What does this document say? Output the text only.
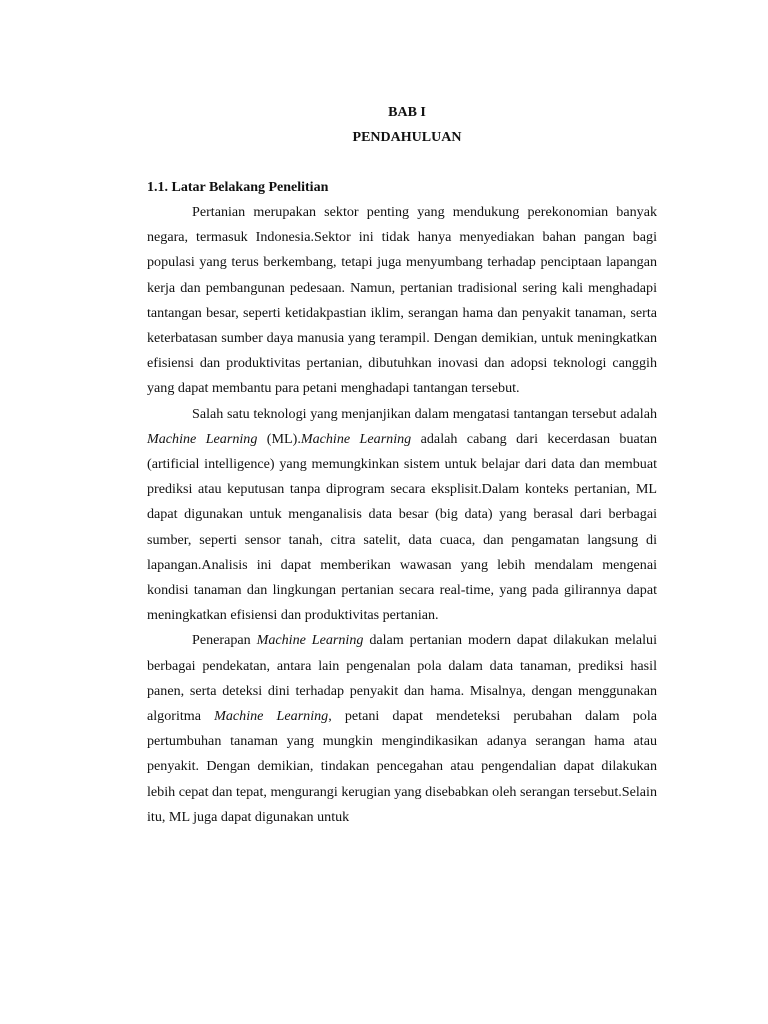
BAB I
PENDAHULUAN
1.1. Latar Belakang Penelitian

Pertanian merupakan sektor penting yang mendukung perekonomian banyak negara, termasuk Indonesia.Sektor ini tidak hanya menyediakan bahan pangan bagi populasi yang terus berkembang, tetapi juga menyumbang terhadap penciptaan lapangan kerja dan pembangunan pedesaan. Namun, pertanian tradisional sering kali menghadapi tantangan besar, seperti ketidakpastian iklim, serangan hama dan penyakit tanaman, serta keterbatasan sumber daya manusia yang terampil. Dengan demikian, untuk meningkatkan efisiensi dan produktivitas pertanian, dibutuhkan inovasi dan adopsi teknologi canggih yang dapat membantu para petani menghadapi tantangan tersebut.

Salah satu teknologi yang menjanjikan dalam mengatasi tantangan tersebut adalah Machine Learning (ML).Machine Learning adalah cabang dari kecerdasan buatan (artificial intelligence) yang memungkinkan sistem untuk belajar dari data dan membuat prediksi atau keputusan tanpa diprogram secara eksplisit.Dalam konteks pertanian, ML dapat digunakan untuk menganalisis data besar (big data) yang berasal dari berbagai sumber, seperti sensor tanah, citra satelit, data cuaca, dan pengamatan langsung di lapangan.Analisis ini dapat memberikan wawasan yang lebih mendalam mengenai kondisi tanaman dan lingkungan pertanian secara real-time, yang pada gilirannya dapat meningkatkan efisiensi dan produktivitas pertanian.

Penerapan Machine Learning dalam pertanian modern dapat dilakukan melalui berbagai pendekatan, antara lain pengenalan pola dalam data tanaman, prediksi hasil panen, serta deteksi dini terhadap penyakit dan hama. Misalnya, dengan menggunakan algoritma Machine Learning, petani dapat mendeteksi perubahan dalam pola pertumbuhan tanaman yang mungkin mengindikasikan adanya serangan hama atau penyakit. Dengan demikian, tindakan pencegahan atau pengendalian dapat dilakukan lebih cepat dan tepat, mengurangi kerugian yang disebabkan oleh serangan tersebut.Selain itu, ML juga dapat digunakan untuk
